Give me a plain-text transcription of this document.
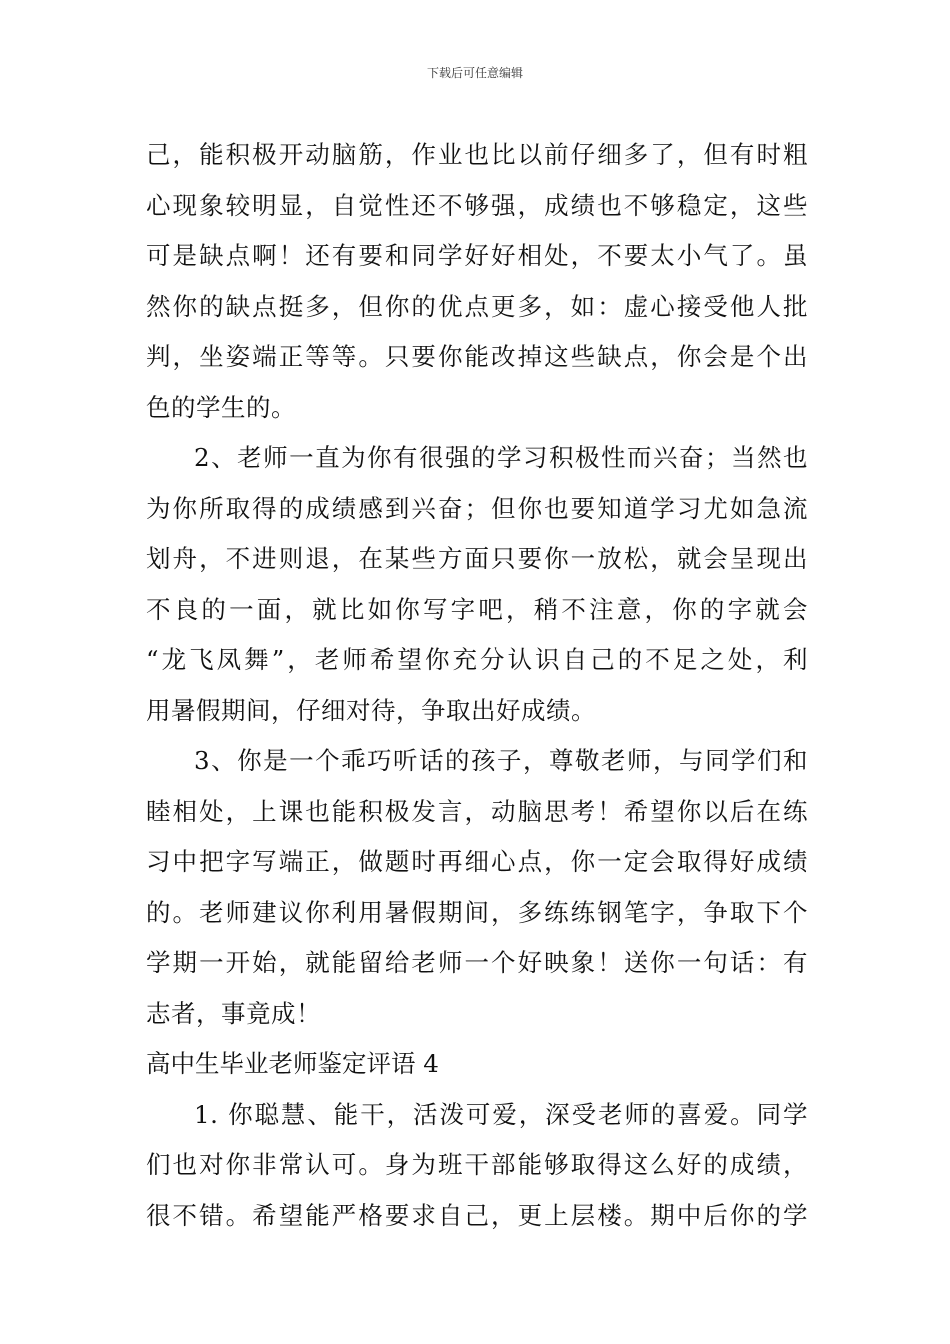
下载后可任意编辑
己，能积极开动脑筋，作业也比以前仔细多了，但有时粗
心现象较明显，自觉性还不够强，成绩也不够稳定，这些
可是缺点啊！还有要和同学好好相处，不要太小气了。虽
然你的缺点挺多，但你的优点更多，如：虚心接受他人批
判，坐姿端正等等。只要你能改掉这些缺点，你会是个出
色的学生的。
2、老师一直为你有很强的学习积极性而兴奋；当然也
为你所取得的成绩感到兴奋；但你也要知道学习尤如急流
划舟，不进则退，在某些方面只要你一放松，就会呈现出
不良的一面，就比如你写字吧，稍不注意，你的字就会
“龙飞凤舞”，老师希望你充分认识自己的不足之处，利
用暑假期间，仔细对待，争取出好成绩。
3、你是一个乖巧听话的孩子，尊敬老师，与同学们和
睦相处，上课也能积极发言，动脑思考！希望你以后在练
习中把字写端正，做题时再细心点，你一定会取得好成绩
的。老师建议你利用暑假期间，多练练钢笔字，争取下个
学期一开始，就能留给老师一个好映象！送你一句话：有
志者，事竟成！
高中生毕业老师鉴定评语 4
1. 你聪慧、能干，活泼可爱，深受老师的喜爱。同学
们也对你非常认可。身为班干部能够取得这么好的成绩，
很不错。希望能严格要求自己，更上层楼。期中后你的学
